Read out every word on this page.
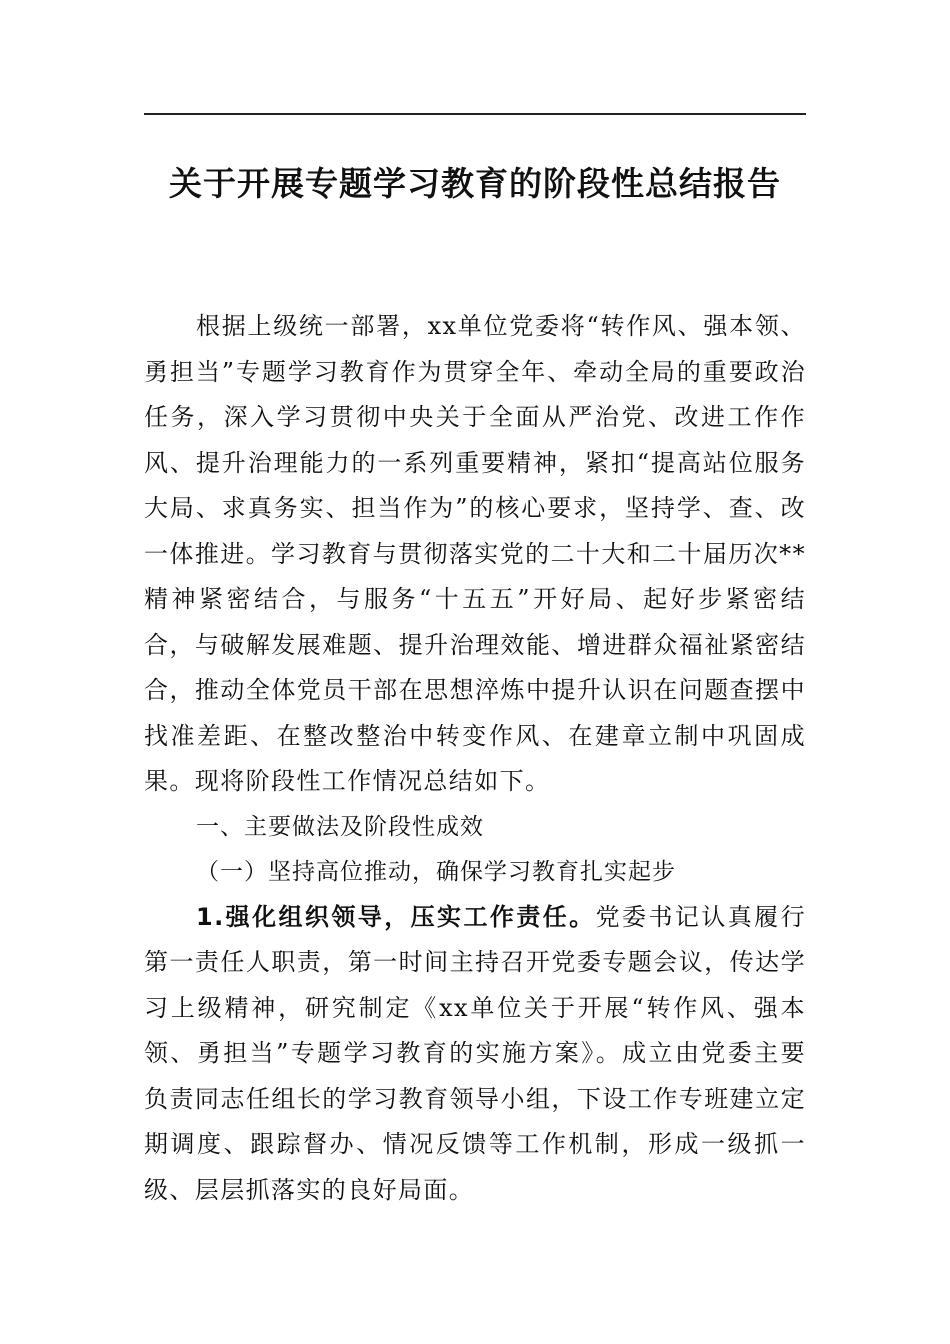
关于开展专题学习教育的阶段性总结报告

根据上级统一部署，xx单位党委将“转作风、强本领、勇担当”专题学习教育作为贯穿全年、牵动全局的重要政治任务，深入学习贯彻中央关于全面从严治党、改进工作作风、提升治理能力的一系列重要精神，紧扣“提高站位服务大局、求真务实、担当作为”的核心要求，坚持学、查、改一体推进。学习教育与贯彻落实党的二十大和二十届历次**精神紧密结合，与服务“十五五”开好局、起好步紧密结合，与破解发展难题、提升治理效能、增进群众福祉紧密结合，推动全体党员干部在思想淬炼中提升认识在问题查摆中找准差距、在整改整治中转变作风、在建章立制中巩固成果。现将阶段性工作情况总结如下。

一、主要做法及阶段性成效

（一）坚持高位推动，确保学习教育扎实起步

1.强化组织领导，压实工作责任。党委书记认真履行第一责任人职责，第一时间主持召开党委专题会议，传达学习上级精神，研究制定《xx单位关于开展“转作风、强本领、勇担当”专题学习教育的实施方案》。成立由党委主要负责同志任组长的学习教育领导小组，下设工作专班建立定期调度、跟踪督办、情况反馈等工作机制，形成一级抓一级、层层抓落实的良好局面。
